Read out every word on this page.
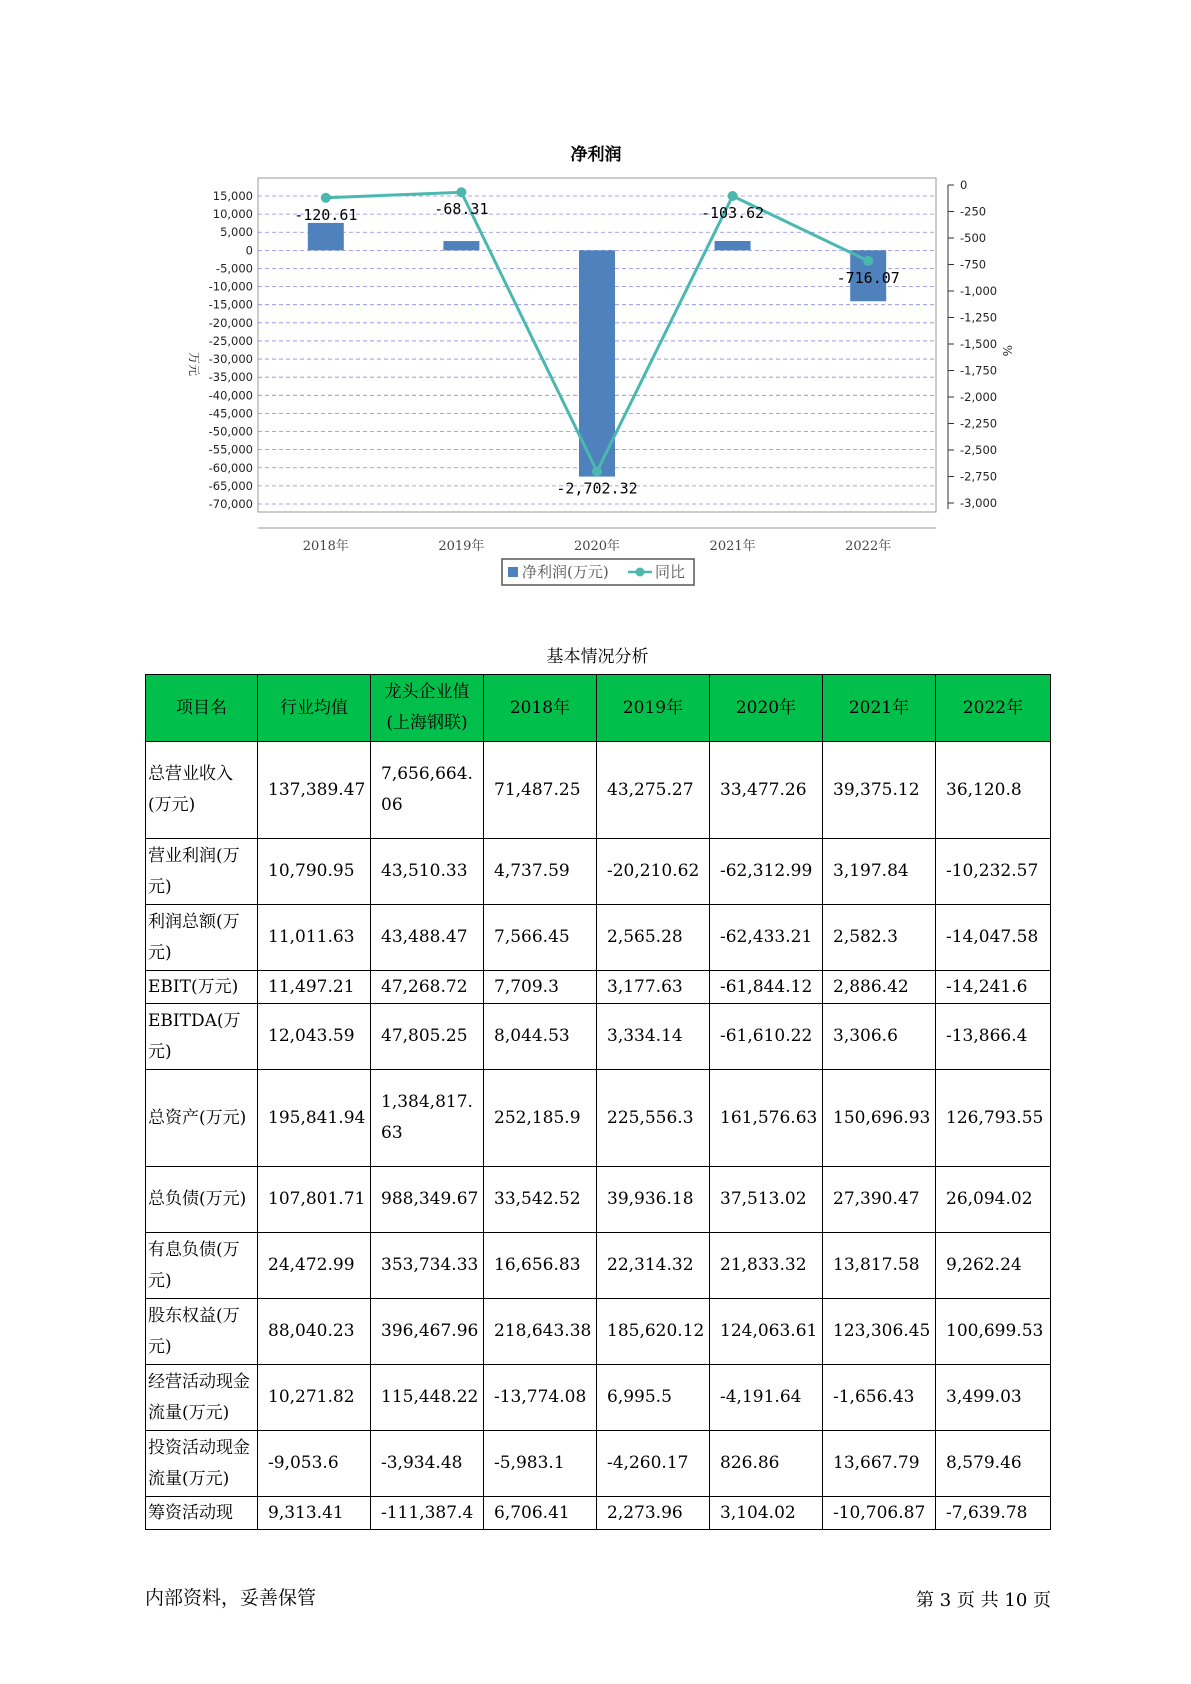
净利润
15,000
10,000
5,000
0
-5,000
-10,000
-15,000
-20,000
-25,000
-30,000
-35,000
-40,000
-45,000
-50,000
-55,000
-60,000
-65,000
-70,000
0
-250
-500
-750
-1,000
-1,250
-1,500
-1,750
-2,000
-2,250
-2,500
-2,750
-3,000
-120.61	-68.31
-2,702.32
-103.62
-716.07
2018年	2019年	2020年	2021年	2022年
万元
%
净利润(万元)	同比
基本情况分析
项目名	行业均值	龙头企业值(上海钢联)	2018年	2019年	2020年	2021年	2022年
总营业收入(万元)	137,389.47	7,656,664.06	71,487.25	43,275.27	33,477.26	39,375.12	36,120.8
营业利润(万元)	10,790.95	43,510.33	4,737.59	-20,210.62	-62,312.99	3,197.84	-10,232.57
利润总额(万元)	11,011.63	43,488.47	7,566.45	2,565.28	-62,433.21	2,582.3	-14,047.58
EBIT(万元)	11,497.21	47,268.72	7,709.3	3,177.63	-61,844.12	2,886.42	-14,241.6
EBITDA(万元)	12,043.59	47,805.25	8,044.53	3,334.14	-61,610.22	3,306.6	-13,866.4
总资产(万元)	195,841.94	1,384,817.63	252,185.9	225,556.3	161,576.63	150,696.93	126,793.55
总负债(万元)	107,801.71	988,349.67	33,542.52	39,936.18	37,513.02	27,390.47	26,094.02
有息负债(万元)	24,472.99	353,734.33	16,656.83	22,314.32	21,833.32	13,817.58	9,262.24
股东权益(万元)	88,040.23	396,467.96	218,643.38	185,620.12	124,063.61	123,306.45	100,699.53
经营活动现金流量(万元)	10,271.82	115,448.22	-13,774.08	6,995.5	-4,191.64	-1,656.43	3,499.03
投资活动现金流量(万元)	-9,053.6	-3,934.48	-5,983.1	-4,260.17	826.86	13,667.79	8,579.46
筹资活动现	9,313.41	-111,387.4	6,706.41	2,273.96	3,104.02	-10,706.87	-7,639.78
内部资料，妥善保管	第 3 页 共 10 页
